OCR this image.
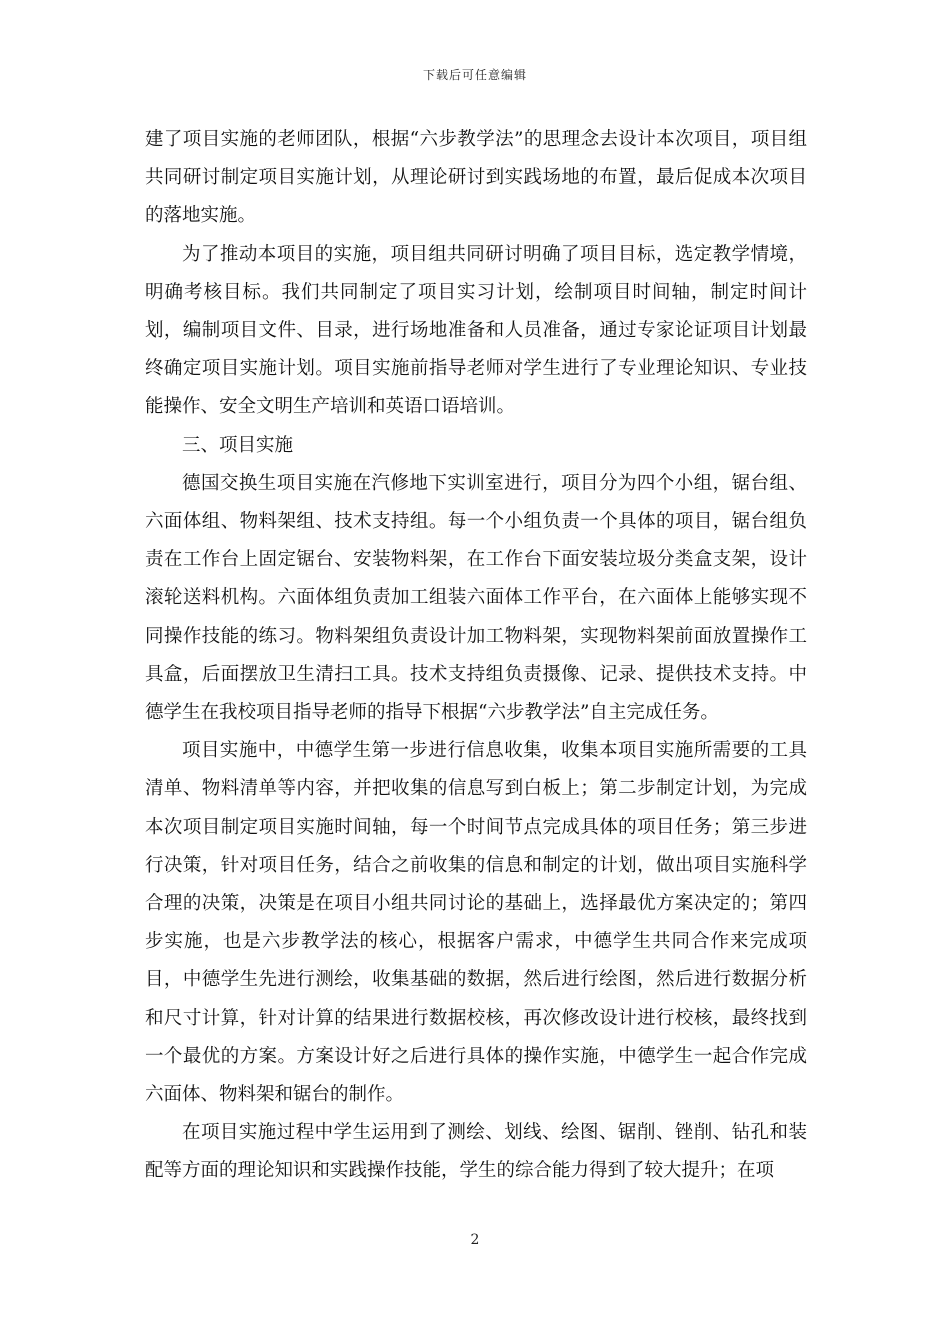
下载后可任意编辑

建了项目实施的老师团队，根据“六步教学法”的思理念去设计本次项目，项目组共同研讨制定项目实施计划，从理论研讨到实践场地的布置，最后促成本次项目的落地实施。

为了推动本项目的实施，项目组共同研讨明确了项目目标，选定教学情境，明确考核目标。我们共同制定了项目实习计划，绘制项目时间轴，制定时间计划，编制项目文件、目录，进行场地准备和人员准备，通过专家论证项目计划最终确定项目实施计划。项目实施前指导老师对学生进行了专业理论知识、专业技能操作、安全文明生产培训和英语口语培训。

三、项目实施

德国交换生项目实施在汽修地下实训室进行，项目分为四个小组，锯台组、六面体组、物料架组、技术支持组。每一个小组负责一个具体的项目，锯台组负责在工作台上固定锯台、安装物料架，在工作台下面安装垃圾分类盒支架，设计滚轮送料机构。六面体组负责加工组装六面体工作平台，在六面体上能够实现不同操作技能的练习。物料架组负责设计加工物料架，实现物料架前面放置操作工具盒，后面摆放卫生清扫工具。技术支持组负责摄像、记录、提供技术支持。中德学生在我校项目指导老师的指导下根据“六步教学法”自主完成任务。

项目实施中，中德学生第一步进行信息收集，收集本项目实施所需要的工具清单、物料清单等内容，并把收集的信息写到白板上；第二步制定计划，为完成本次项目制定项目实施时间轴，每一个时间节点完成具体的项目任务；第三步进行决策，针对项目任务，结合之前收集的信息和制定的计划，做出项目实施科学合理的决策，决策是在项目小组共同讨论的基础上，选择最优方案决定的；第四步实施，也是六步教学法的核心，根据客户需求，中德学生共同合作来完成项目，中德学生先进行测绘，收集基础的数据，然后进行绘图，然后进行数据分析和尺寸计算，针对计算的结果进行数据校核，再次修改设计进行校核，最终找到一个最优的方案。方案设计好之后进行具体的操作实施，中德学生一起合作完成六面体、物料架和锯台的制作。

在项目实施过程中学生运用到了测绘、划线、绘图、锯削、锉削、钻孔和装配等方面的理论知识和实践操作技能，学生的综合能力得到了较大提升；在项

2
